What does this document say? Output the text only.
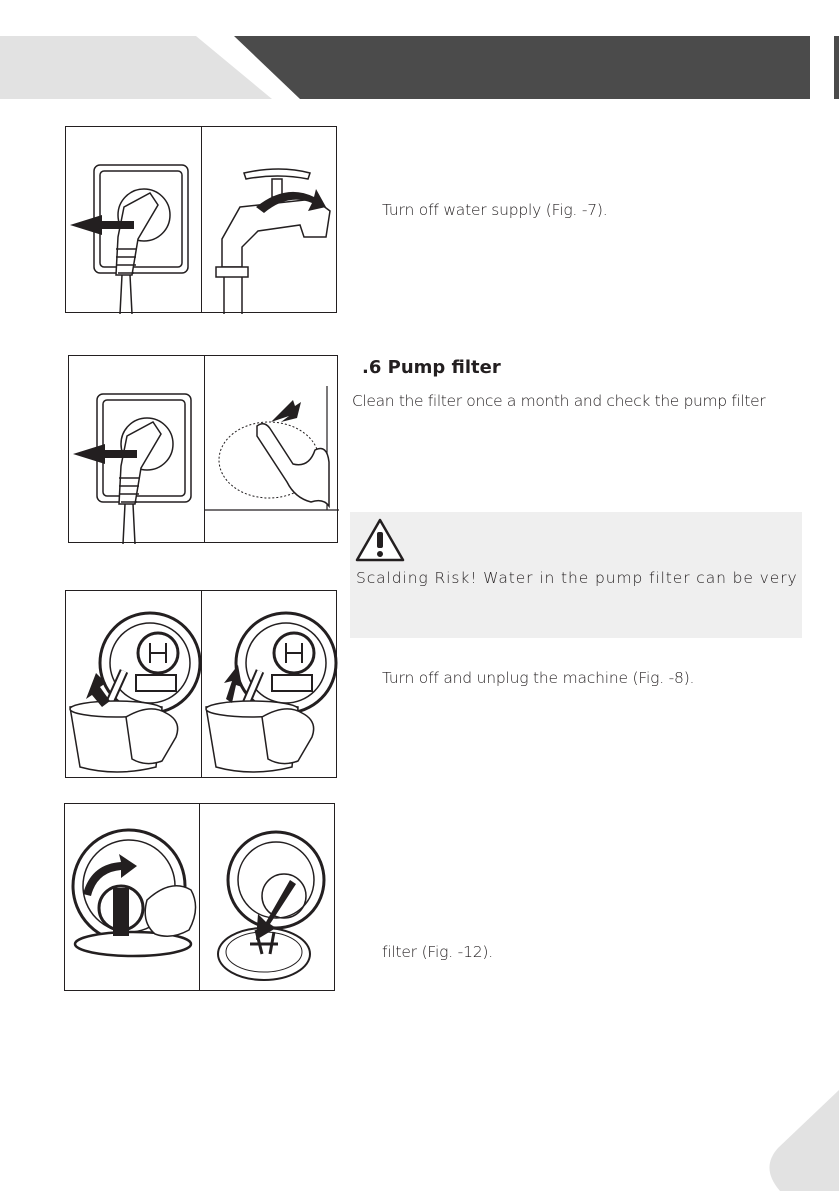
Turn off water supply (Fig. -7).
.6 Pump filter
Clean the filter once a month and check the pump filter
Scalding Risk! Water in the pump filter can be very
Turn off and unplug the machine (Fig. -8).
filter (Fig. -12).
